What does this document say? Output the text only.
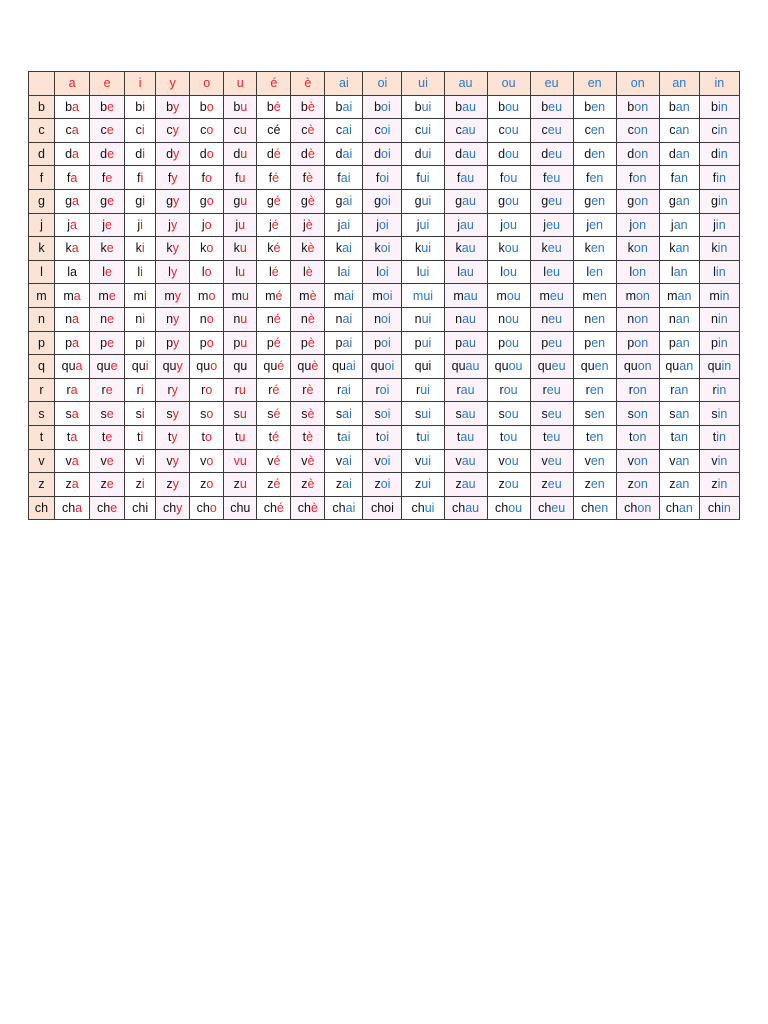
	a	e	i	y	o	u	é	è	ai	oi	ui	au	ou	eu	en	on	an	in
b	ba	be	bi	by	bo	bu	bé	bè	bai	boi	bui	bau	bou	beu	ben	bon	ban	bin
c	ca	ce	ci	cy	co	cu	cé	cè	cai	coi	cui	cau	cou	ceu	cen	con	can	cin
d	da	de	di	dy	do	du	dé	dè	dai	doi	dui	dau	dou	deu	den	don	dan	din
f	fa	fe	fi	fy	fo	fu	fé	fè	fai	foi	fui	fau	fou	feu	fen	fon	fan	fin
g	ga	ge	gi	gy	go	gu	gé	gè	gai	goi	gui	gau	gou	geu	gen	gon	gan	gin
j	ja	je	ji	jy	jo	ju	jé	jè	jai	joi	jui	jau	jou	jeu	jen	jon	jan	jin
k	ka	ke	ki	ky	ko	ku	ké	kè	kai	koi	kui	kau	kou	keu	ken	kon	kan	kin
l	la	le	li	ly	lo	lu	lé	lè	lai	loi	lui	lau	lou	leu	len	lon	lan	lin
m	ma	me	mi	my	mo	mu	mé	mè	mai	moi	mui	mau	mou	meu	men	mon	man	min
n	na	ne	ni	ny	no	nu	né	nè	nai	noi	nui	nau	nou	neu	nen	non	nan	nin
p	pa	pe	pi	py	po	pu	pé	pè	pai	poi	pui	pau	pou	peu	pen	pon	pan	pin
q	qua	que	qui	quy	quo	qu	qué	què	quai	quoi	qui	quau	quou	queu	quen	quon	quan	quin
r	ra	re	ri	ry	ro	ru	ré	rè	rai	roi	rui	rau	rou	reu	ren	ron	ran	rin
s	sa	se	si	sy	so	su	sé	sè	sai	soi	sui	sau	sou	seu	sen	son	san	sin
t	ta	te	ti	ty	to	tu	té	tè	tai	toi	tui	tau	tou	teu	ten	ton	tan	tin
v	va	ve	vi	vy	vo	vu	vé	vè	vai	voi	vui	vau	vou	veu	ven	von	van	vin
z	za	ze	zi	zy	zo	zu	zé	zè	zai	zoi	zui	zau	zou	zeu	zen	zon	zan	zin
ch	cha	che	chi	chy	cho	chu	ché	chè	chai	choi	chui	chau	chou	cheu	chen	chon	chan	chin
